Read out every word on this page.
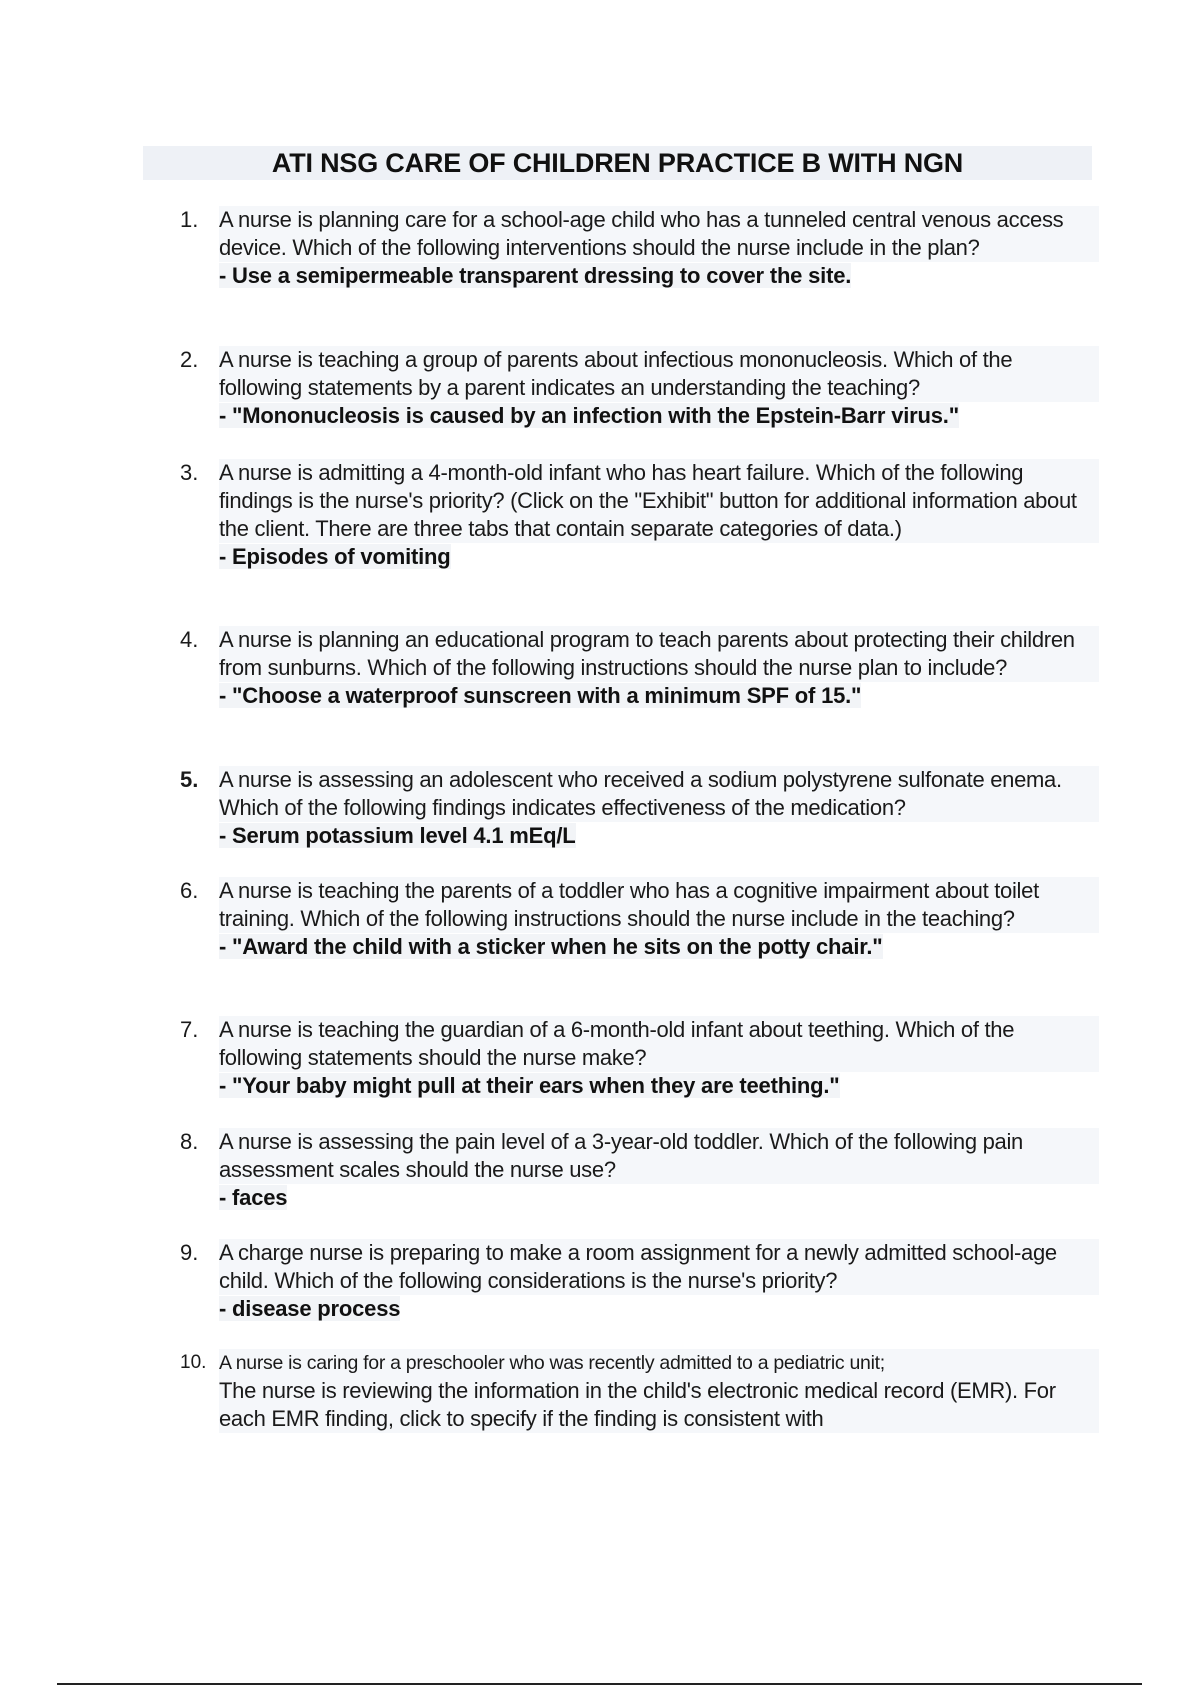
ATI NSG CARE OF CHILDREN PRACTICE B WITH NGN
1. A nurse is planning care for a school-age child who has a tunneled central venous access device. Which of the following interventions should the nurse include in the plan?

- Use a semipermeable transparent dressing to cover the site.

2. A nurse is teaching a group of parents about infectious mononucleosis. Which of the following statements by a parent indicates an understanding the teaching?

- "Mononucleosis is caused by an infection with the Epstein-Barr virus."

3. A nurse is admitting a 4-month-old infant who has heart failure. Which of the following findings is the nurse's priority? (Click on the "Exhibit" button for additional information about the client. There are three tabs that contain separate categories of data.)

- Episodes of vomiting

4. A nurse is planning an educational program to teach parents about protecting their children from sunburns. Which of the following instructions should the nurse plan to include?

- "Choose a waterproof sunscreen with a minimum SPF of 15."

5. A nurse is assessing an adolescent who received a sodium polystyrene sulfonate enema. Which of the following findings indicates effectiveness of the medication?

- Serum potassium level 4.1 mEq/L

6. A nurse is teaching the parents of a toddler who has a cognitive impairment about toilet training. Which of the following instructions should the nurse include in the teaching?

- "Award the child with a sticker when he sits on the potty chair."

7. A nurse is teaching the guardian of a 6-month-old infant about teething. Which of the following statements should the nurse make?

- "Your baby might pull at their ears when they are teething."

8. A nurse is assessing the pain level of a 3-year-old toddler. Which of the following pain assessment scales should the nurse use?

- faces

9. A charge nurse is preparing to make a room assignment for a newly admitted school-age child. Which of the following considerations is the nurse's priority?

- disease process

10. A nurse is caring for a preschooler who was recently admitted to a pediatric unit;

The nurse is reviewing the information in the child's electronic medical record (EMR). For each EMR finding, click to specify if the finding is consistent with
